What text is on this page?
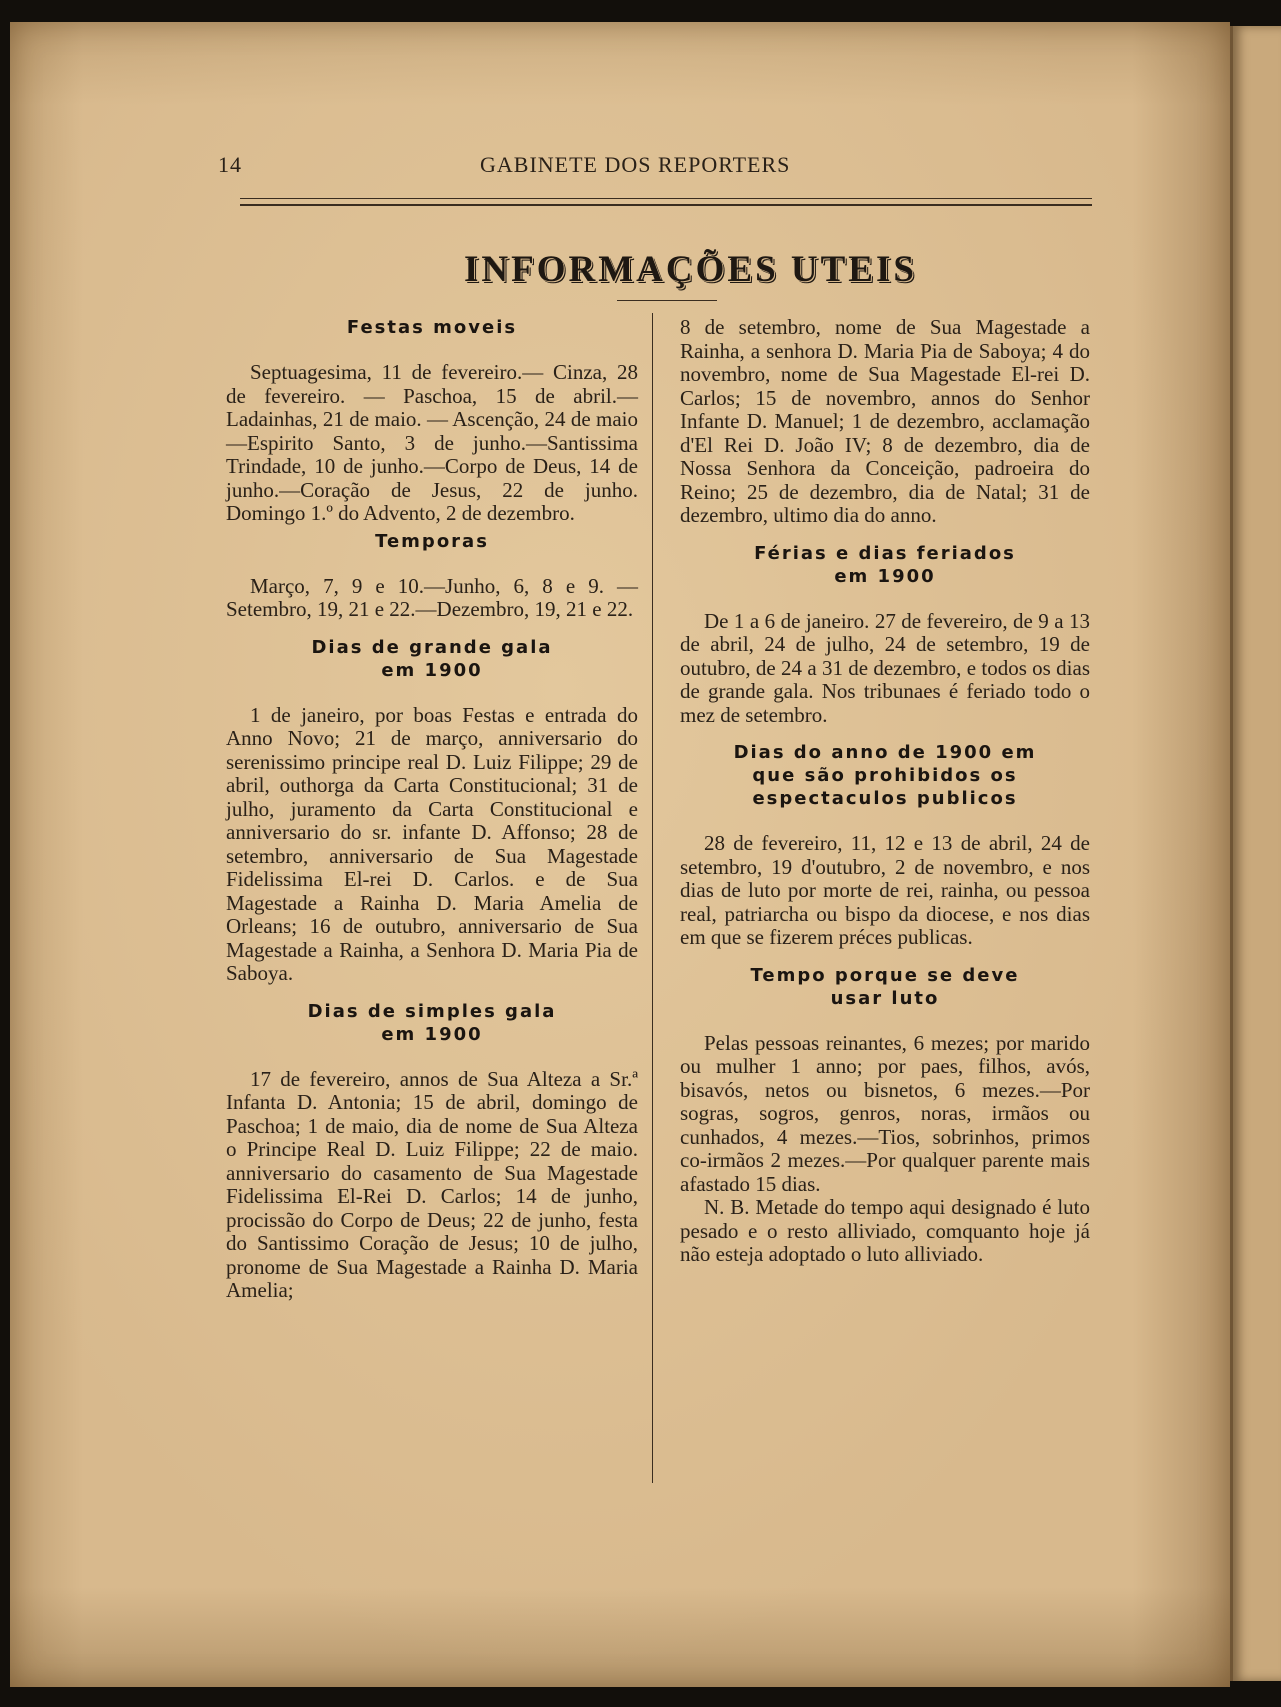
14	GABINETE DOS REPORTERS
INFORMAÇÕES UTEIS
Festas moveis

Septuagesima, 11 de fevereiro.— Cinza, 28 de fevereiro. — Paschoa, 15 de abril.—Ladainhas, 21 de maio. — Ascenção, 24 de maio —Espirito Santo, 3 de junho.—Santissima Trindade, 10 de junho.—Corpo de Deus, 14 de junho.—Coração de Jesus, 22 de junho. Domingo 1.º do Advento, 2 de dezembro.

Temporas

Março, 7, 9 e 10.—Junho, 6, 8 e 9. —Setembro, 19, 21 e 22.—Dezembro, 19, 21 e 22.

Dias de grande gala
em 1900

1 de janeiro, por boas Festas e entrada do Anno Novo; 21 de março, anniversario do serenissimo principe real D. Luiz Filippe; 29 de abril, outhorga da Carta Constitucional; 31 de julho, juramento da Carta Constitucional e anniversario do sr. infante D. Affonso; 28 de setembro, anniversario de Sua Magestade Fidelissima El-rei D. Carlos. e de Sua Magestade a Rainha D. Maria Amelia de Orleans; 16 de outubro, anniversario de Sua Magestade a Rainha, a Senhora D. Maria Pia de Saboya.

Dias de simples gala
em 1900

17 de fevereiro, annos de Sua Alteza a Sr.ª Infanta D. Antonia; 15 de abril, domingo de Paschoa; 1 de maio, dia de nome de Sua Alteza o Principe Real D. Luiz Filippe; 22 de maio. anniversario do casamento de Sua Magestade Fidelissima El-Rei D. Carlos; 14 de junho, procissão do Corpo de Deus; 22 de junho, festa do Santissimo Coração de Jesus; 10 de julho, pronome de Sua Magestade a Rainha D. Maria Amelia;

8 de setembro, nome de Sua Magestade a Rainha, a senhora D. Maria Pia de Saboya; 4 do novembro, nome de Sua Magestade El-rei D. Carlos; 15 de novembro, annos do Senhor Infante D. Manuel; 1 de dezembro, acclamação d'El Rei D. João IV; 8 de dezembro, dia de Nossa Senhora da Conceição, padroeira do Reino; 25 de dezembro, dia de Natal; 31 de dezembro, ultimo dia do anno.

Férias e dias feriados
em 1900

De 1 a 6 de janeiro. 27 de fevereiro, de 9 a 13 de abril, 24 de julho, 24 de setembro, 19 de outubro, de 24 a 31 de dezembro, e todos os dias de grande gala. Nos tribunaes é feriado todo o mez de setembro.

Dias do anno de 1900 em
que são prohibidos os
espectaculos publicos

28 de fevereiro, 11, 12 e 13 de abril, 24 de setembro, 19 d'outubro, 2 de novembro, e nos dias de luto por morte de rei, rainha, ou pessoa real, patriarcha ou bispo da diocese, e nos dias em que se fizerem préces publicas.

Tempo porque se deve
usar luto

Pelas pessoas reinantes, 6 mezes; por marido ou mulher 1 anno; por paes, filhos, avós, bisavós, netos ou bisnetos, 6 mezes.—Por sogras, sogros, genros, noras, irmãos ou cunhados, 4 mezes.—Tios, sobrinhos, primos co-irmãos 2 mezes.—Por qualquer parente mais afastado 15 dias.

N. B. Metade do tempo aqui designado é luto pesado e o resto alliviado, comquanto hoje já não esteja adoptado o luto alliviado.
